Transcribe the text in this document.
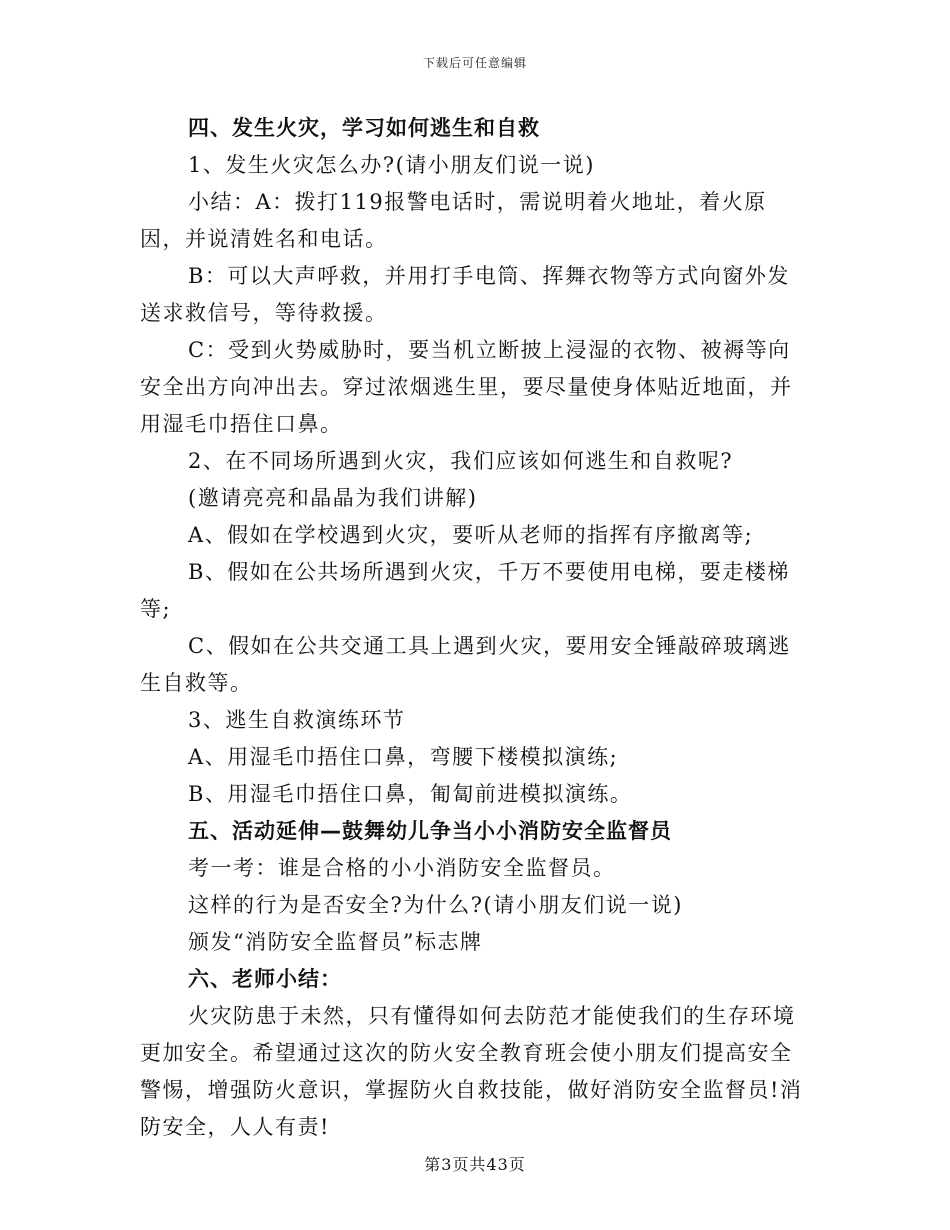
下载后可任意编辑

四、发生火灾，学习如何逃生和自救

1、发生火灾怎么办?(请小朋友们说一说)

小结：A：拨打119报警电话时，需说明着火地址，着火原因，并说清姓名和电话。

B：可以大声呼救，并用打手电筒、挥舞衣物等方式向窗外发送求救信号，等待救援。

C：受到火势威胁时，要当机立断披上浸湿的衣物、被褥等向安全出方向冲出去。穿过浓烟逃生里，要尽量使身体贴近地面，并用湿毛巾捂住口鼻。

2、在不同场所遇到火灾，我们应该如何逃生和自救呢?

(邀请亮亮和晶晶为我们讲解)

A、假如在学校遇到火灾，要听从老师的指挥有序撤离等;

B、假如在公共场所遇到火灾，千万不要使用电梯，要走楼梯等;

C、假如在公共交通工具上遇到火灾，要用安全锤敲碎玻璃逃生自救等。

3、逃生自救演练环节

A、用湿毛巾捂住口鼻，弯腰下楼模拟演练;

B、用湿毛巾捂住口鼻，匍匐前进模拟演练。

五、活动延伸—鼓舞幼儿争当小小消防安全监督员

考一考：谁是合格的小小消防安全监督员。

这样的行为是否安全?为什么?(请小朋友们说一说)

颁发“消防安全监督员”标志牌

六、老师小结：

火灾防患于未然，只有懂得如何去防范才能使我们的生存环境更加安全。希望通过这次的防火安全教育班会使小朋友们提高安全警惕，增强防火意识，掌握防火自救技能，做好消防安全监督员!消防安全，人人有责!

第3页共43页
